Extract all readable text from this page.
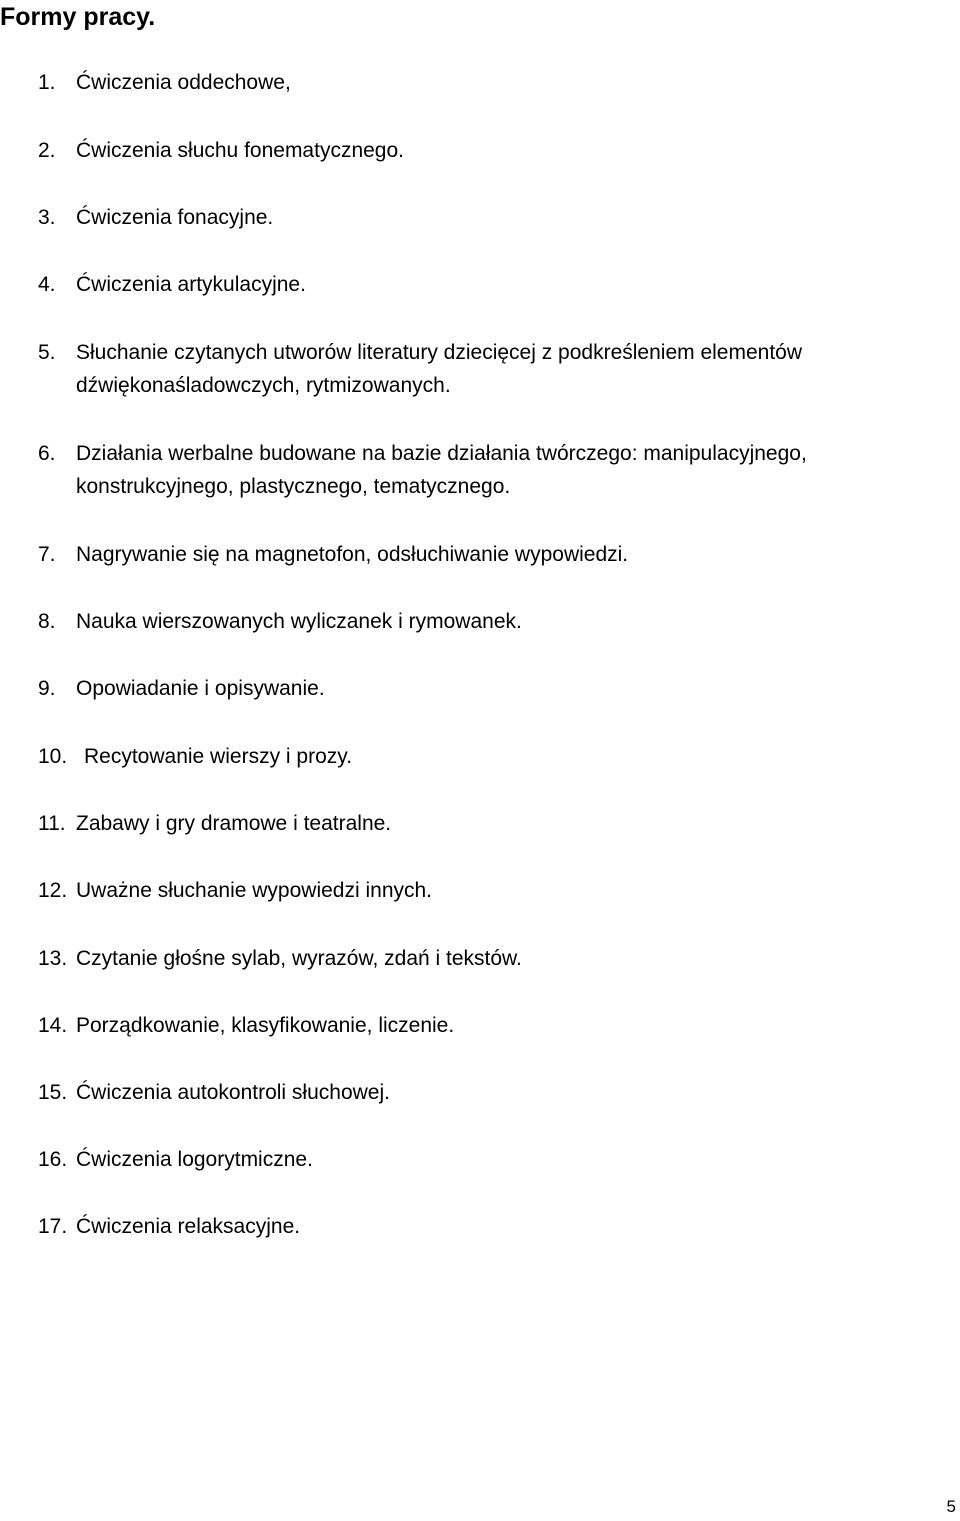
Formy pracy.
1. Ćwiczenia oddechowe,
2. Ćwiczenia słuchu fonematycznego.
3. Ćwiczenia fonacyjne.
4. Ćwiczenia artykulacyjne.
5. Słuchanie czytanych utworów literatury dziecięcej z podkreśleniem elementów dźwiękonaśladowczych, rytmizowanych.
6. Działania werbalne budowane na bazie działania twórczego: manipulacyjnego, konstrukcyjnego, plastycznego, tematycznego.
7. Nagrywanie się na magnetofon, odsłuchiwanie wypowiedzi.
8. Nauka wierszowanych wyliczanek i rymowanek.
9. Opowiadanie i opisywanie.
10. Recytowanie wierszy i prozy.
11. Zabawy i gry dramowe i teatralne.
12. Uważne słuchanie wypowiedzi innych.
13. Czytanie głośne sylab, wyrazów, zdań i tekstów.
14. Porządkowanie, klasyfikowanie, liczenie.
15. Ćwiczenia autokontroli słuchowej.
16. Ćwiczenia logorytmiczne.
17. Ćwiczenia relaksacyjne.
5
